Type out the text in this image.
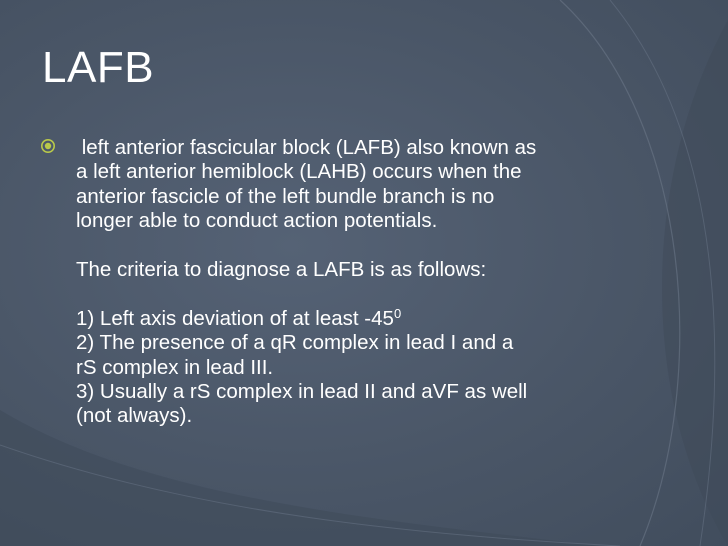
LAFB

left anterior fascicular block (LAFB) also known as

a left anterior hemiblock (LAHB) occurs when the

anterior fascicle of the left bundle branch is no

longer able to conduct action potentials.

The criteria to diagnose a LAFB is as follows:

1) Left axis deviation of at least $-45^0$

2) The presence of a qR complex in lead I and a

rS complex in lead III.

3) Usually a rS complex in lead II and aVF as well

(not always).
